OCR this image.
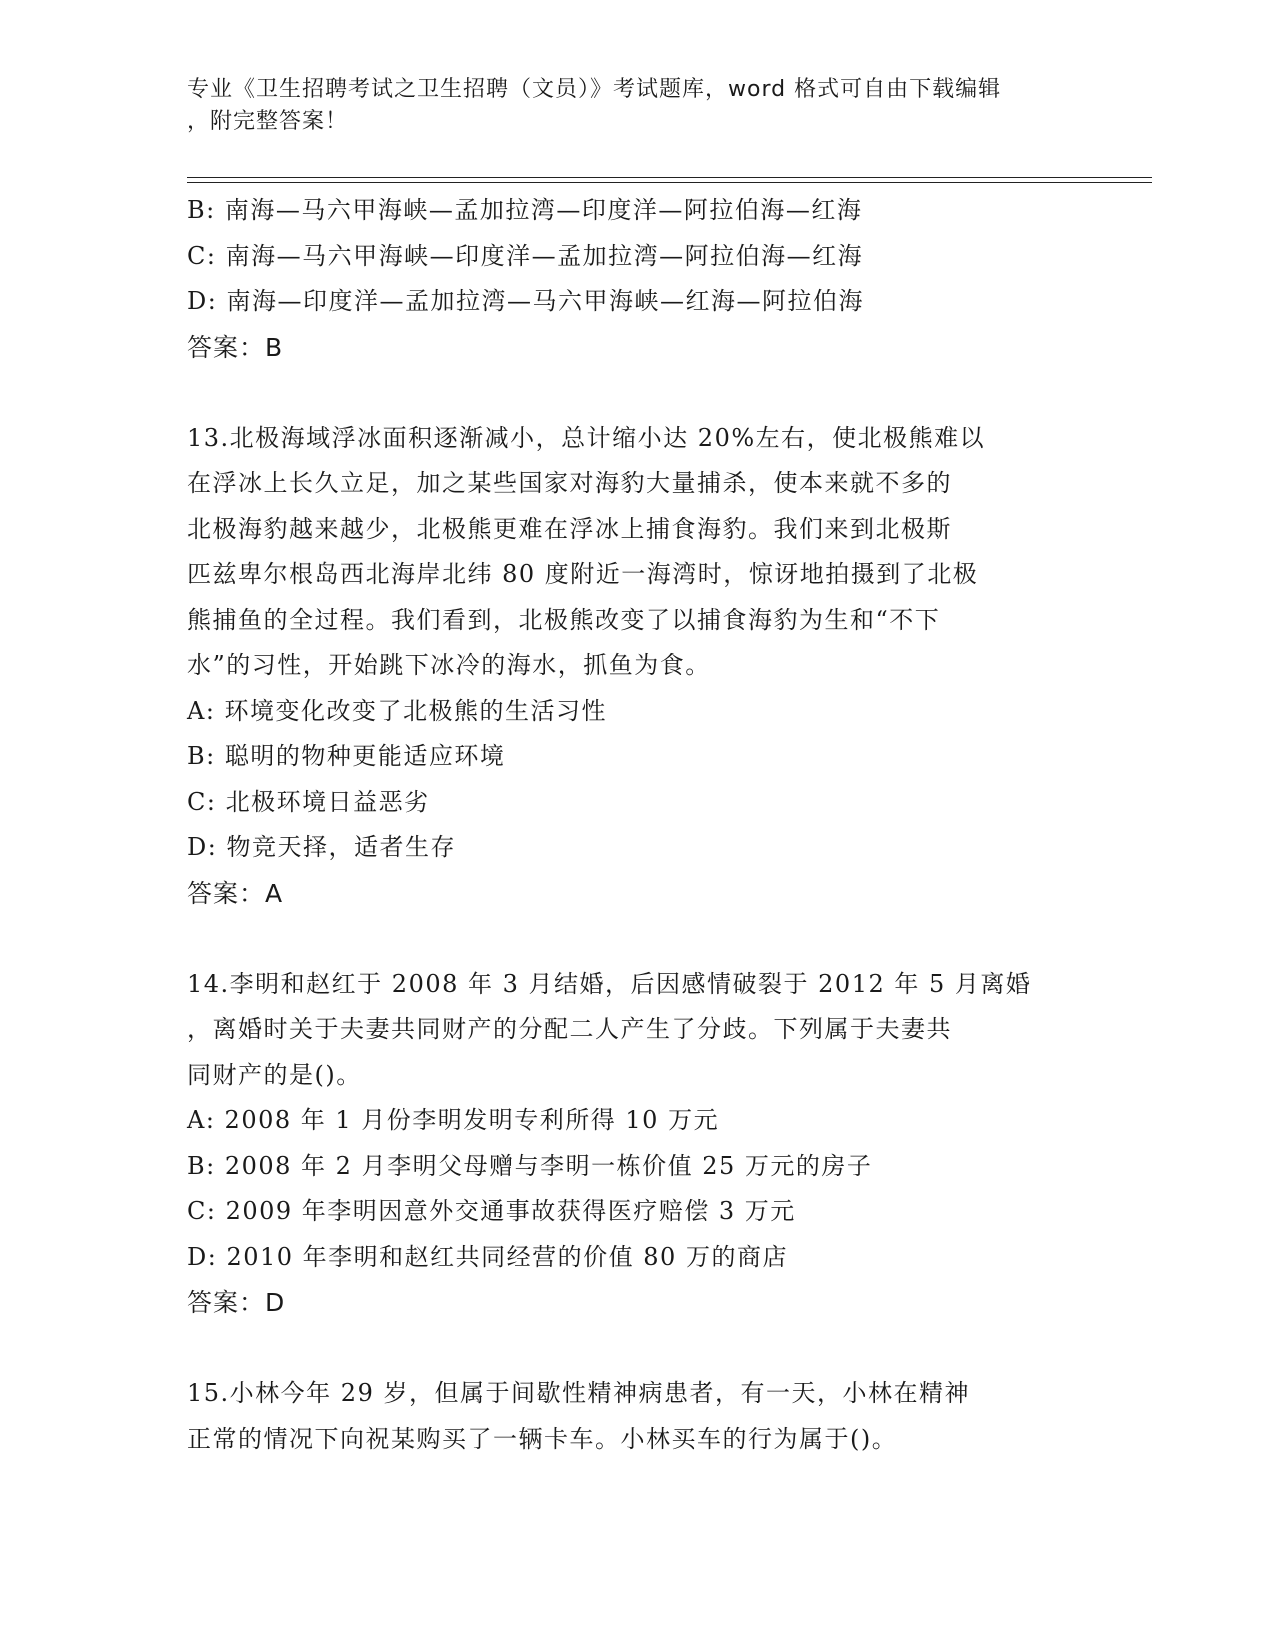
专业《卫生招聘考试之卫生招聘（文员）》考试题库，word 格式可自由下载编辑
，附完整答案！
B: 南海—马六甲海峡—孟加拉湾—印度洋—阿拉伯海—红海
C: 南海—马六甲海峡—印度洋—孟加拉湾—阿拉伯海—红海
D: 南海—印度洋—孟加拉湾—马六甲海峡—红海—阿拉伯海
答案：B
13.北极海域浮冰面积逐渐减小，总计缩小达 20%左右，使北极熊难以
在浮冰上长久立足，加之某些国家对海豹大量捕杀，使本来就不多的
北极海豹越来越少，北极熊更难在浮冰上捕食海豹。我们来到北极斯
匹兹卑尔根岛西北海岸北纬 80 度附近一海湾时，惊讶地拍摄到了北极
熊捕鱼的全过程。我们看到，北极熊改变了以捕食海豹为生和“不下
水”的习性，开始跳下冰冷的海水，抓鱼为食。
A: 环境变化改变了北极熊的生活习性
B: 聪明的物种更能适应环境
C: 北极环境日益恶劣
D: 物竞天择，适者生存
答案：A
14.李明和赵红于 2008 年 3 月结婚，后因感情破裂于 2012 年 5 月离婚
，离婚时关于夫妻共同财产的分配二人产生了分歧。下列属于夫妻共
同财产的是()。
A: 2008 年 1 月份李明发明专利所得 10 万元
B: 2008 年 2 月李明父母赠与李明一栋价值 25 万元的房子
C: 2009 年李明因意外交通事故获得医疗赔偿 3 万元
D: 2010 年李明和赵红共同经营的价值 80 万的商店
答案：D
15.小林今年 29 岁，但属于间歇性精神病患者，有一天，小林在精神
正常的情况下向祝某购买了一辆卡车。小林买车的行为属于()。
